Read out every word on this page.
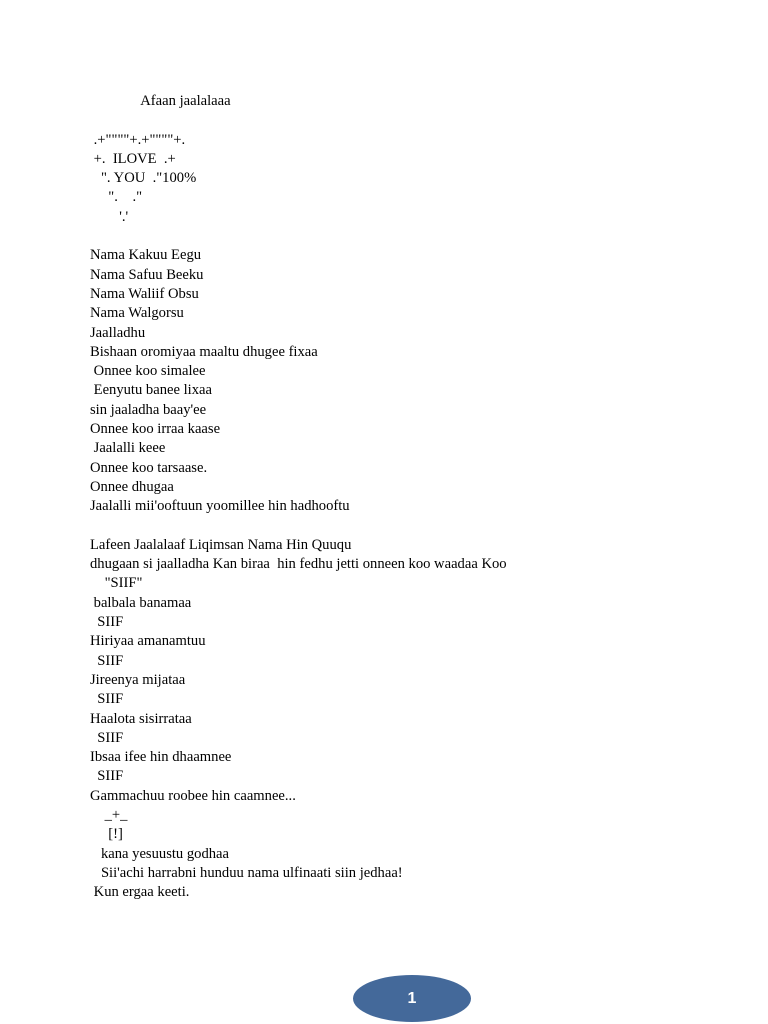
Afaan jaalalaaa
.+""""+.+""""+.
+.  ILOVE  .+
". YOU  ."100%
".    ."
'.'
Nama Kakuu Eegu
Nama Safuu Beeku
Nama Waliif Obsu
Nama Walgorsu
Jaalladhu
Bishaan oromiyaa maaltu dhugee fixaa
Onnee koo simalee
Eenyutu banee lixaa
sin jaaladha baay'ee
Onnee koo irraa kaase
Jaalalli keee
Onnee koo tarsaase.
Onnee dhugaa
Jaalalli mii'ooftuun yoomillee hin hadhooftu
Lafeen Jaalalaaf Liqimsan Nama Hin Quuqu
dhugaan si jaalladha Kan biraa  hin fedhu jetti onneen koo waadaa Koo
"SIIF"
balbala banamaa
SIIF
Hiriyaa amanamtuu
SIIF
Jireenya mijataa
SIIF
Haalota sisirrataa
SIIF
Ibsaa ifee hin dhaamnee
SIIF
Gammachuu roobee hin caamnee...
_+_
[!]
kana yesuustu godhaa
Sii'achi harrabni hunduu nama ulfinaati siin jedhaa!
Kun ergaa keeti.
1
